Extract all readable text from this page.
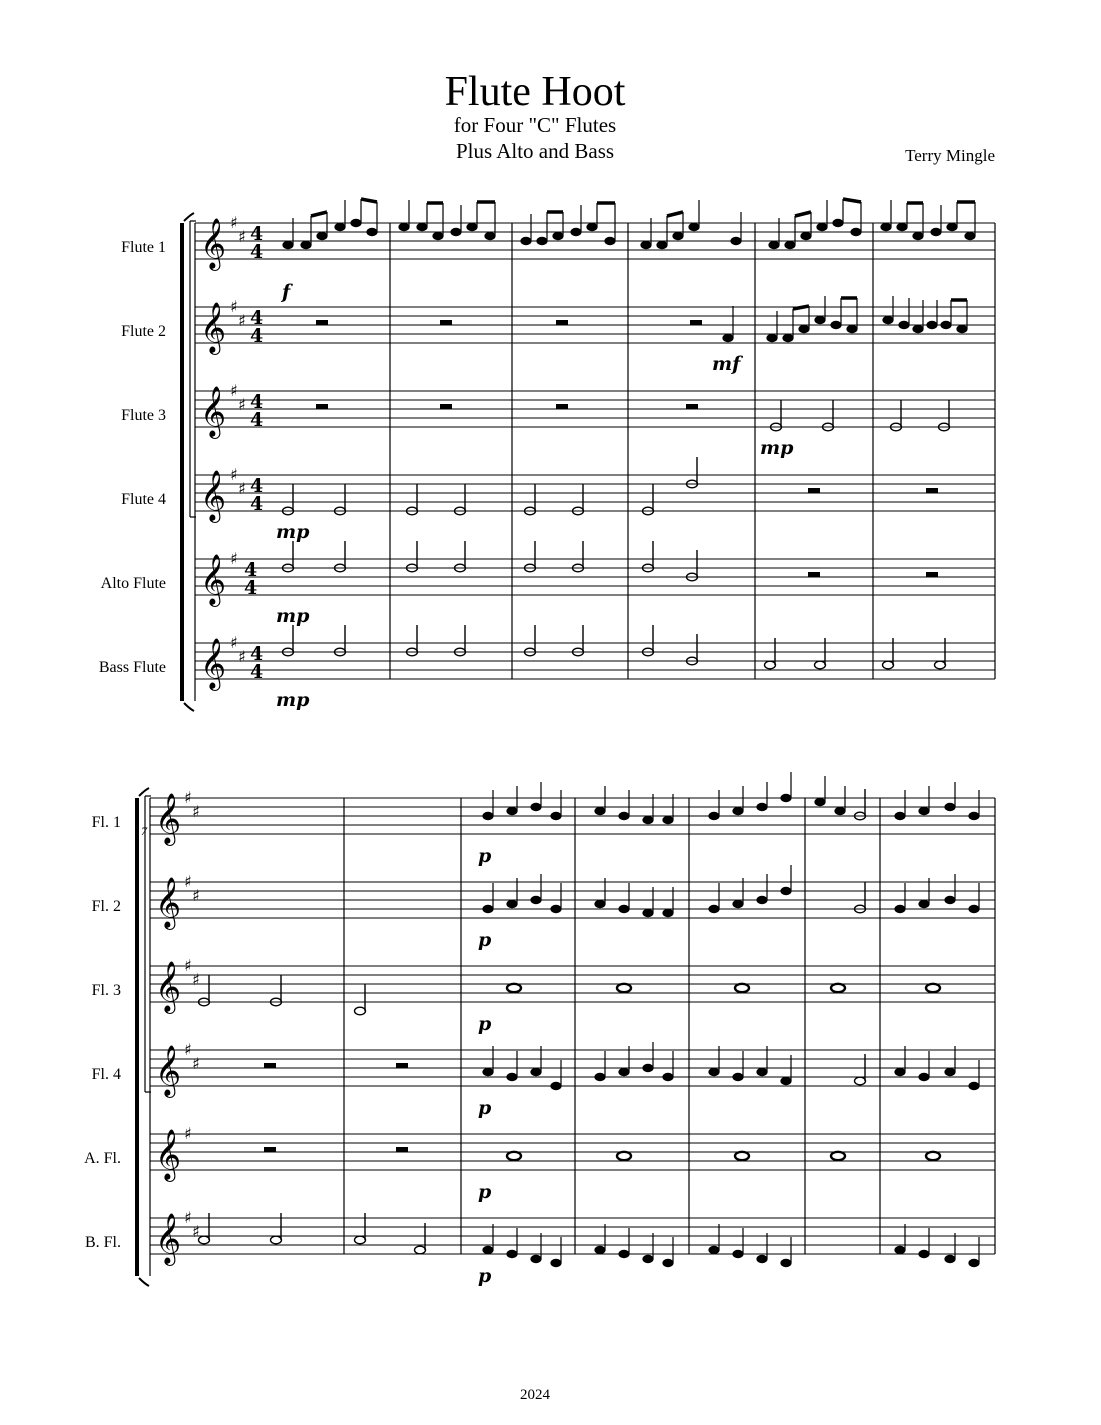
Flute Hoot
for Four "C" Flutes
Plus Alto and Bass	Terry Mingle
2024
Flute 1
Flute 2
Flute 3
Flute 4
Alto Flute
Bass Flute
𝄞
𝄞
𝄞
𝄞
𝄞
𝄞
♯
♯
♯
♯
♯
♯
♯
♯
♯
♯
♯
4
4
4
4
4
4
4
4
4
4
4
4
f
mf
mp
mp
mp
mp
7
Fl. 1
Fl. 2
Fl. 3
Fl. 4
A. Fl.
B. Fl.
𝄞
𝄞
𝄞
𝄞
𝄞
𝄞
♯
♯
♯
♯
♯
♯
♯
♯
♯
♯
♯
p
p
p
p
p
p
